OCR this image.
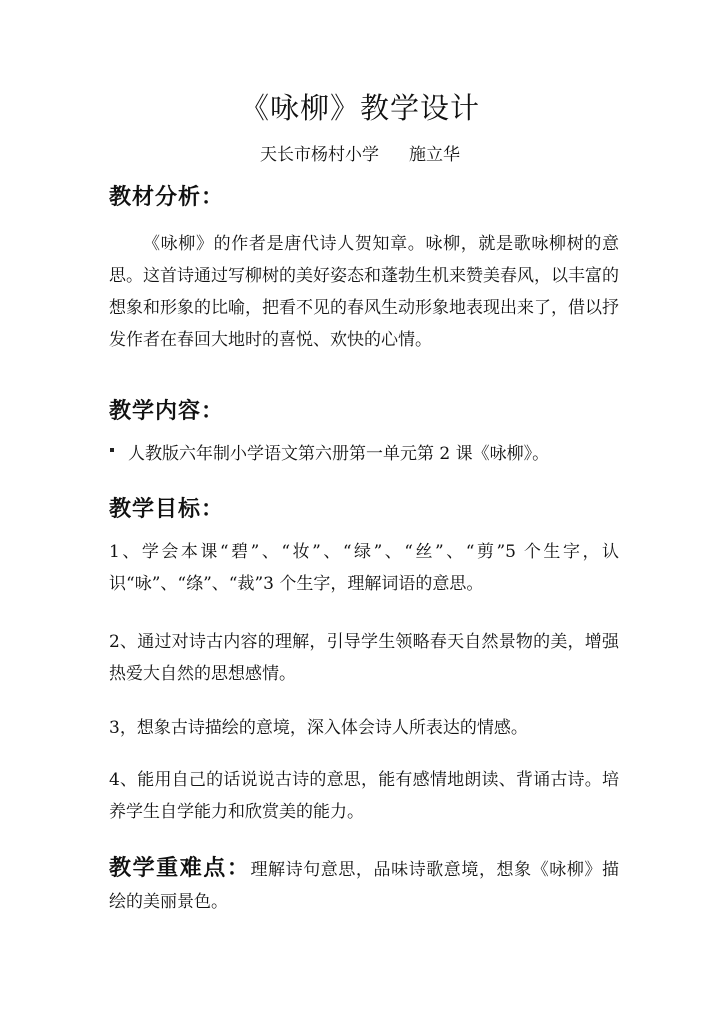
《咏柳》教学设计

天长市杨村小学 施立华

教材分析：

《咏柳》的作者是唐代诗人贺知章。咏柳，就是歌咏柳树的意思。这首诗通过写柳树的美好姿态和蓬勃生机来赞美春风，以丰富的想象和形象的比喻，把看不见的春风生动形象地表现出来了，借以抒发作者在春回大地时的喜悦、欢快的心情。

教学内容：

人教版六年制小学语文第六册第一单元第 2 课《咏柳》。

教学目标：

1、学会本课“碧”、“妆”、“绿”、“丝”、“剪”5 个生字，认识“咏”、“绦”、“裁”3 个生字，理解词语的意思。

2、通过对诗古内容的理解，引导学生领略春天自然景物的美，增强热爱大自然的思想感情。

3，想象古诗描绘的意境，深入体会诗人所表达的情感。

4、能用自己的话说说古诗的意思，能有感情地朗读、背诵古诗。培养学生自学能力和欣赏美的能力。

教学重难点：理解诗句意思，品味诗歌意境，想象《咏柳》描绘的美丽景色。
